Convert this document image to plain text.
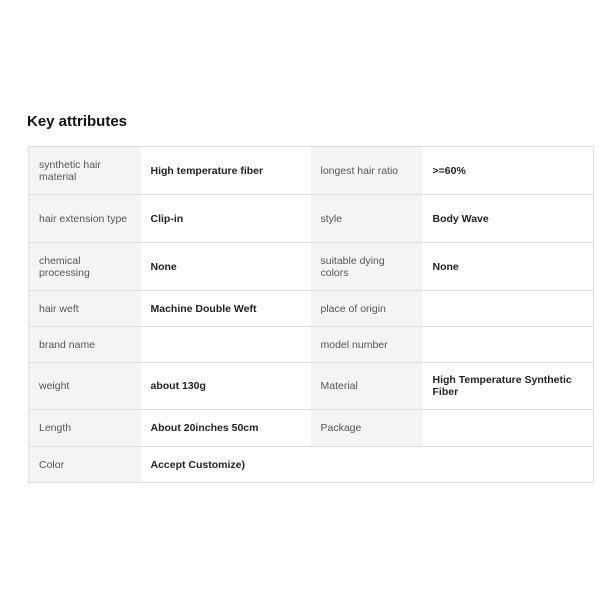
Key attributes
synthetic hair material	High temperature fiber	longest hair ratio	>=60%
hair extension type	Clip-in	style	Body Wave
chemical processing	None	suitable dying colors	None
hair weft	Machine Double Weft	place of origin	
brand name		model number	
weight	about 130g	Material	High Temperature Synthetic Fiber
Length	About 20inches 50cm	Package	
Color	Accept Customize)		
